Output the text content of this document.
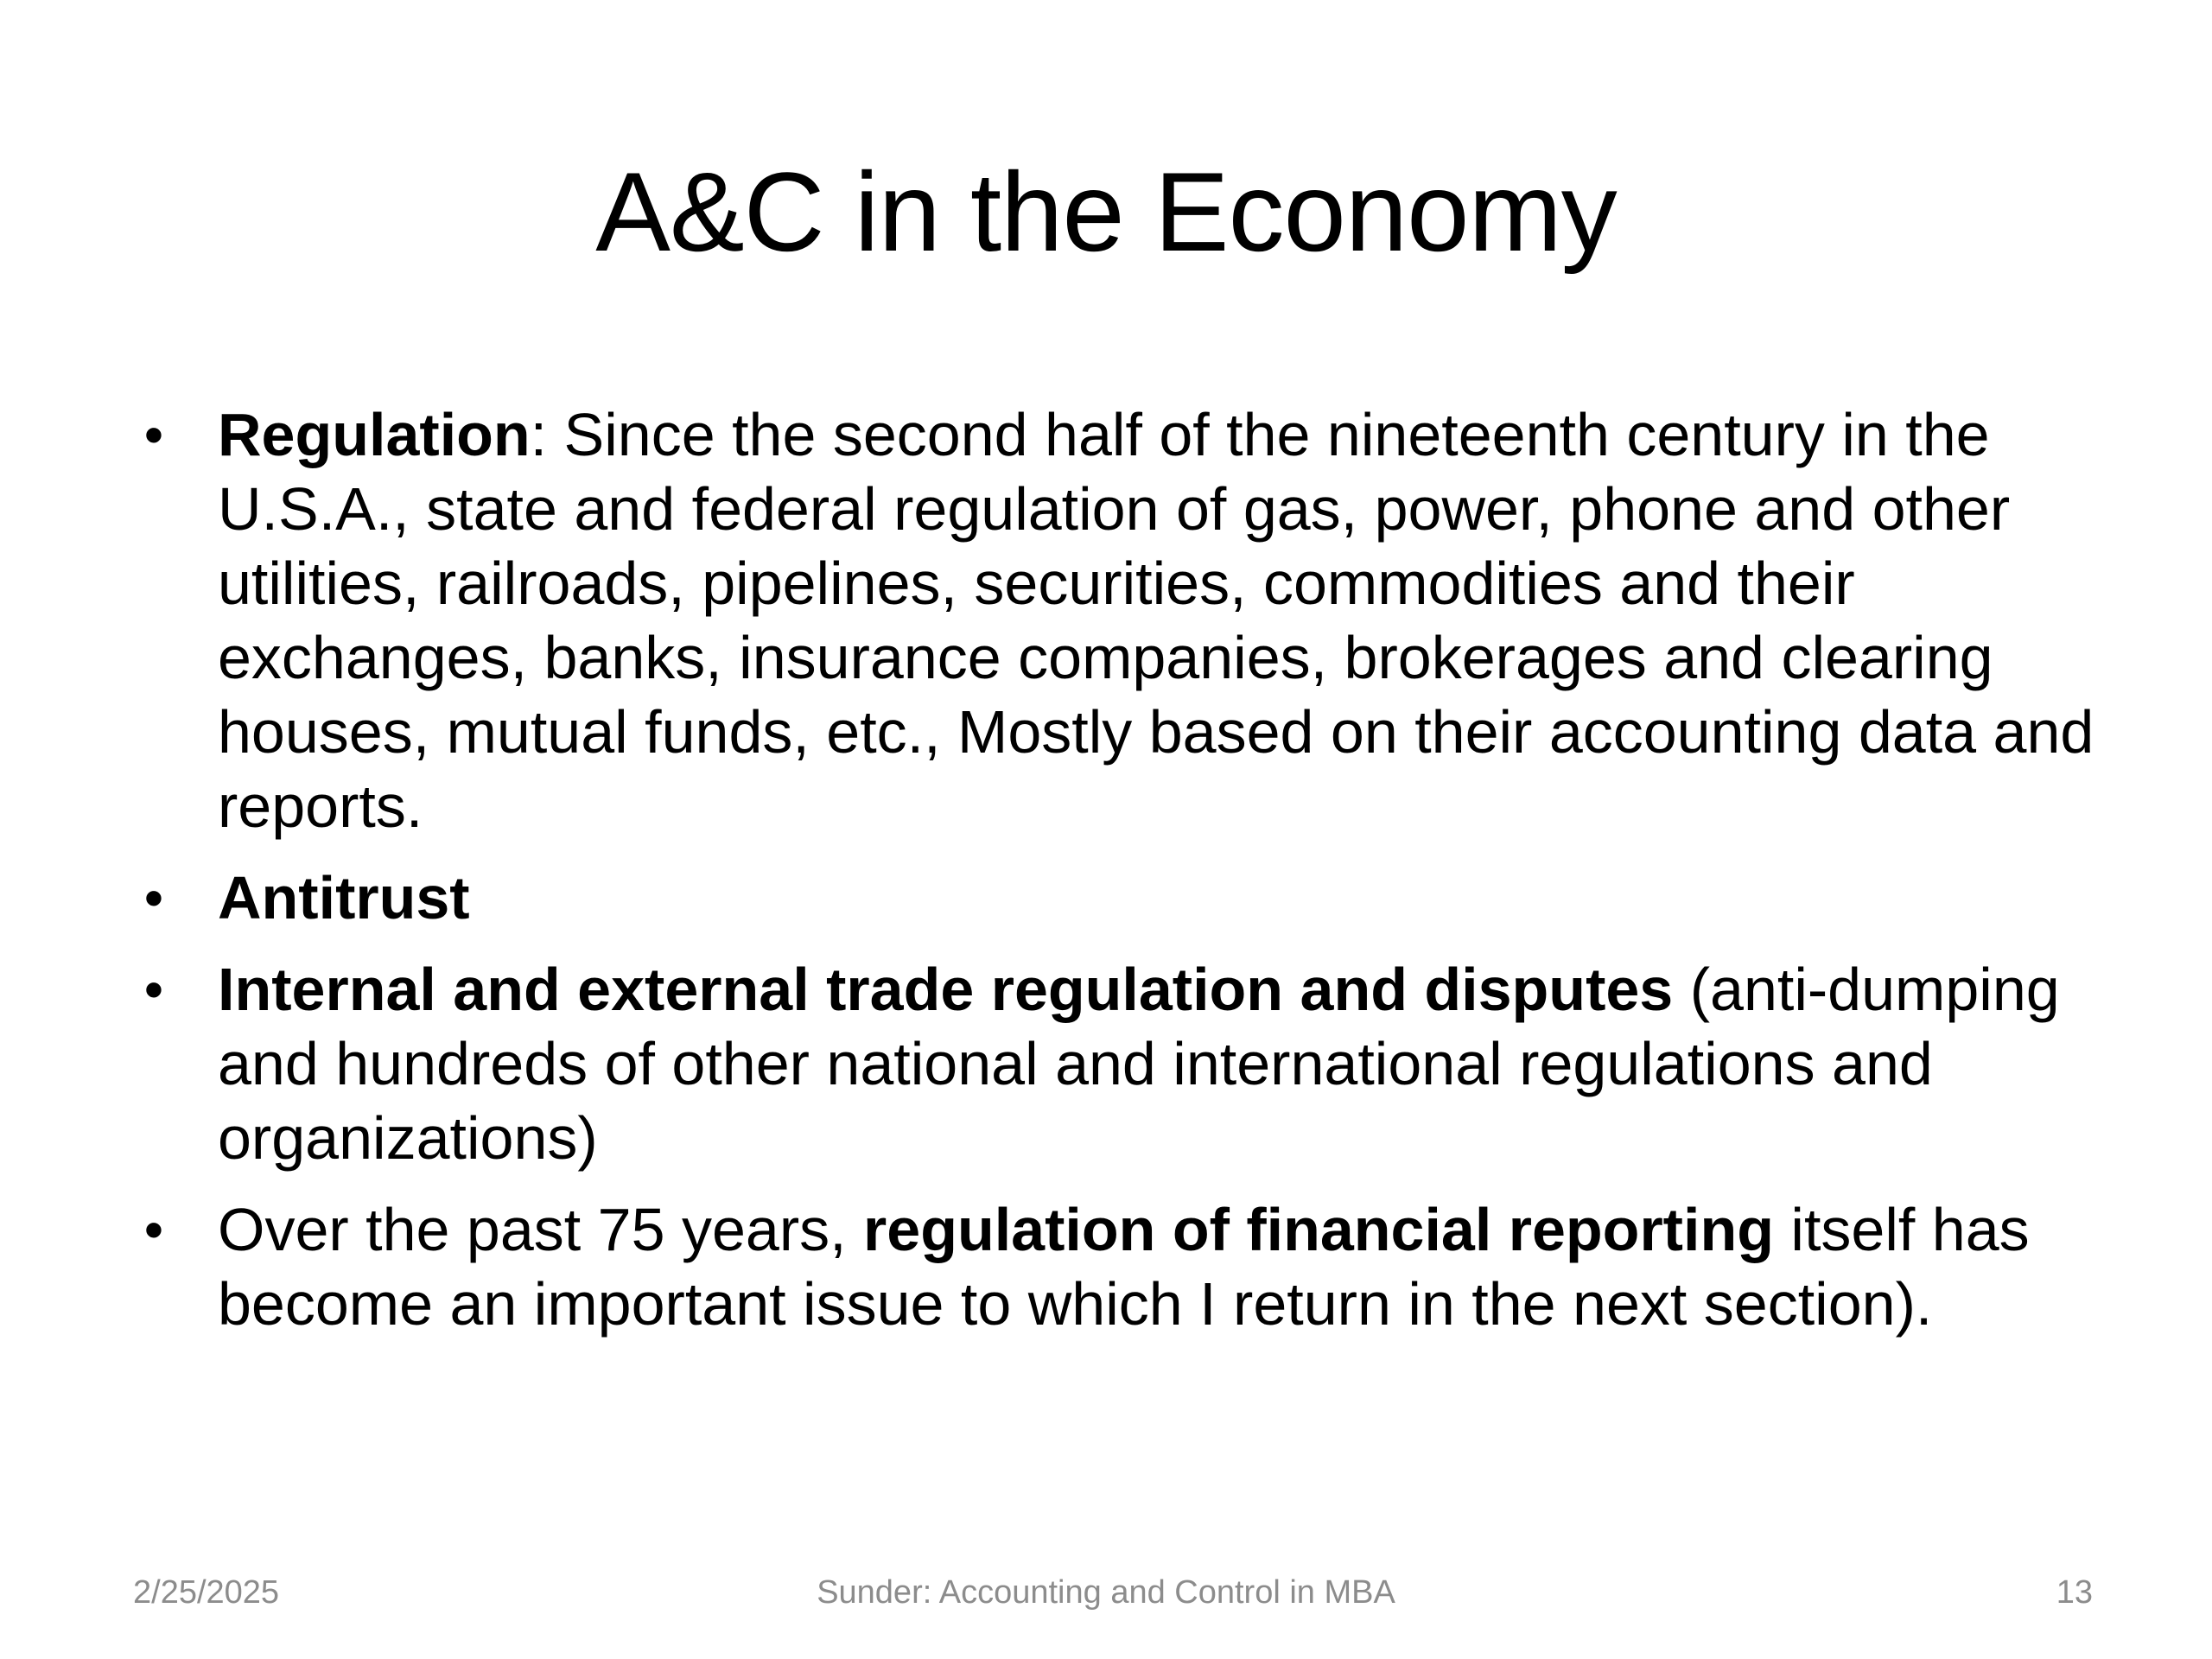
A&C in the Economy
• Regulation: Since the second half of the nineteenth century in the U.S.A., state and federal regulation of gas, power, phone and other utilities, railroads, pipelines, securities, commodities and their exchanges, banks, insurance companies, brokerages and clearing houses, mutual funds, etc., Mostly based on their accounting data and reports.
• Antitrust
• Internal and external trade regulation and disputes (anti-dumping and hundreds of other national and international regulations and organizations)
• Over the past 75 years, regulation of financial reporting itself has become an important issue to which I return in the next section).
2/25/2025	Sunder: Accounting and Control in MBA	13
